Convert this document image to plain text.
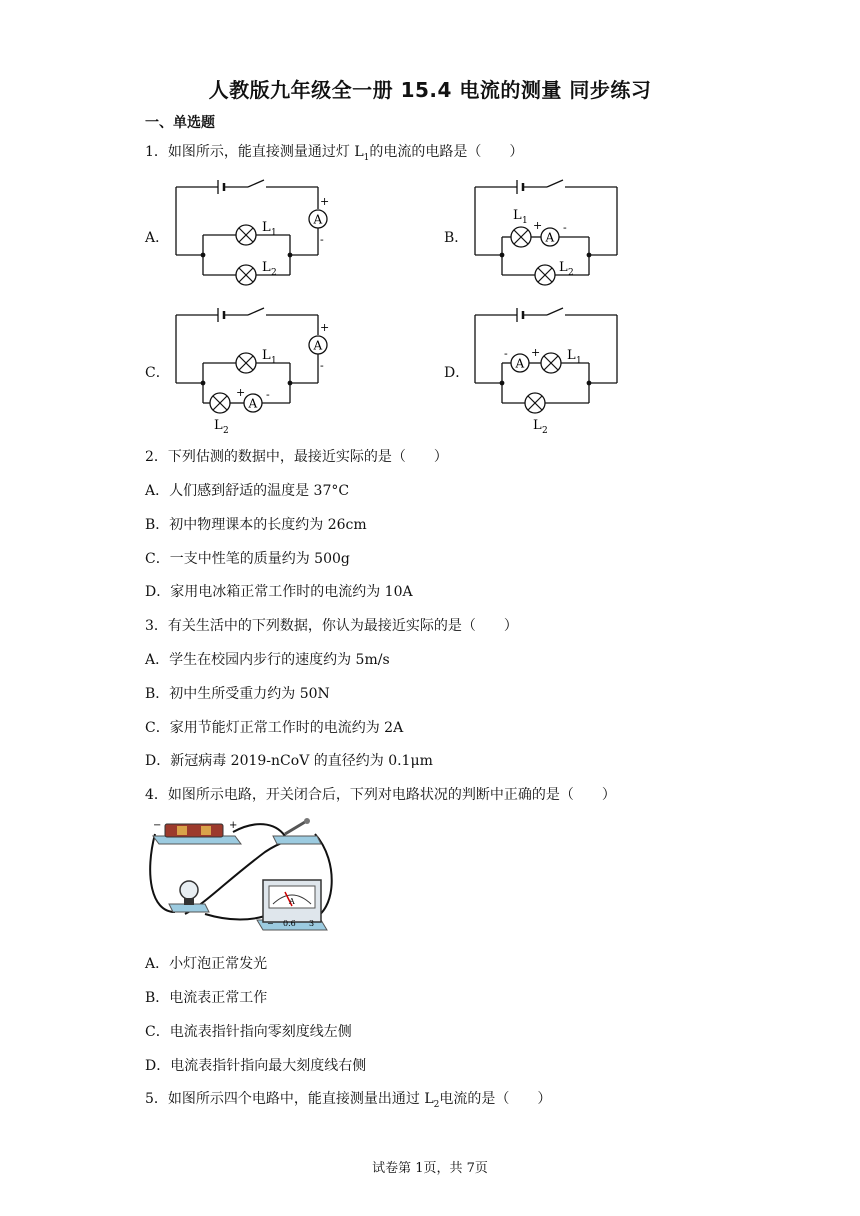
人教版九年级全一册 15.4 电流的测量 同步练习
一、单选题
1．如图所示，能直接测量通过灯 $L_1$的电流的电路是（　　）
A．	B．
C．	D．
A
+
-
L 1
L 2
A
+ -
L 1
L 2
A
+
-
A
+ -
L 1
L 2
A
- + L 1
L 2
2．下列估测的数据中，最接近实际的是（　　）
A．人们感到舒适的温度是 37°C
B．初中物理课本的长度约为 26cm
C．一支中性笔的质量约为 500g
D．家用电冰箱正常工作时的电流约为 10A
3．有关生活中的下列数据，你认为最接近实际的是（　　）
A．学生在校园内步行的速度约为 5m/s
B．初中生所受重力约为 50N
C．家用节能灯正常工作时的电流约为 2A
D．新冠病毒 2019-nCoV 的直径约为 0.1μm
4．如图所示电路，开关闭合后，下列对电路状况的判断中正确的是（　　）
−	+
A
− 0.6 3
A．小灯泡正常发光
B．电流表正常工作
C．电流表指针指向零刻度线左侧
D．电流表指针指向最大刻度线右侧
5．如图所示四个电路中，能直接测量出通过 $L_2$电流的是（　　）
试卷第 1页，共 7页
